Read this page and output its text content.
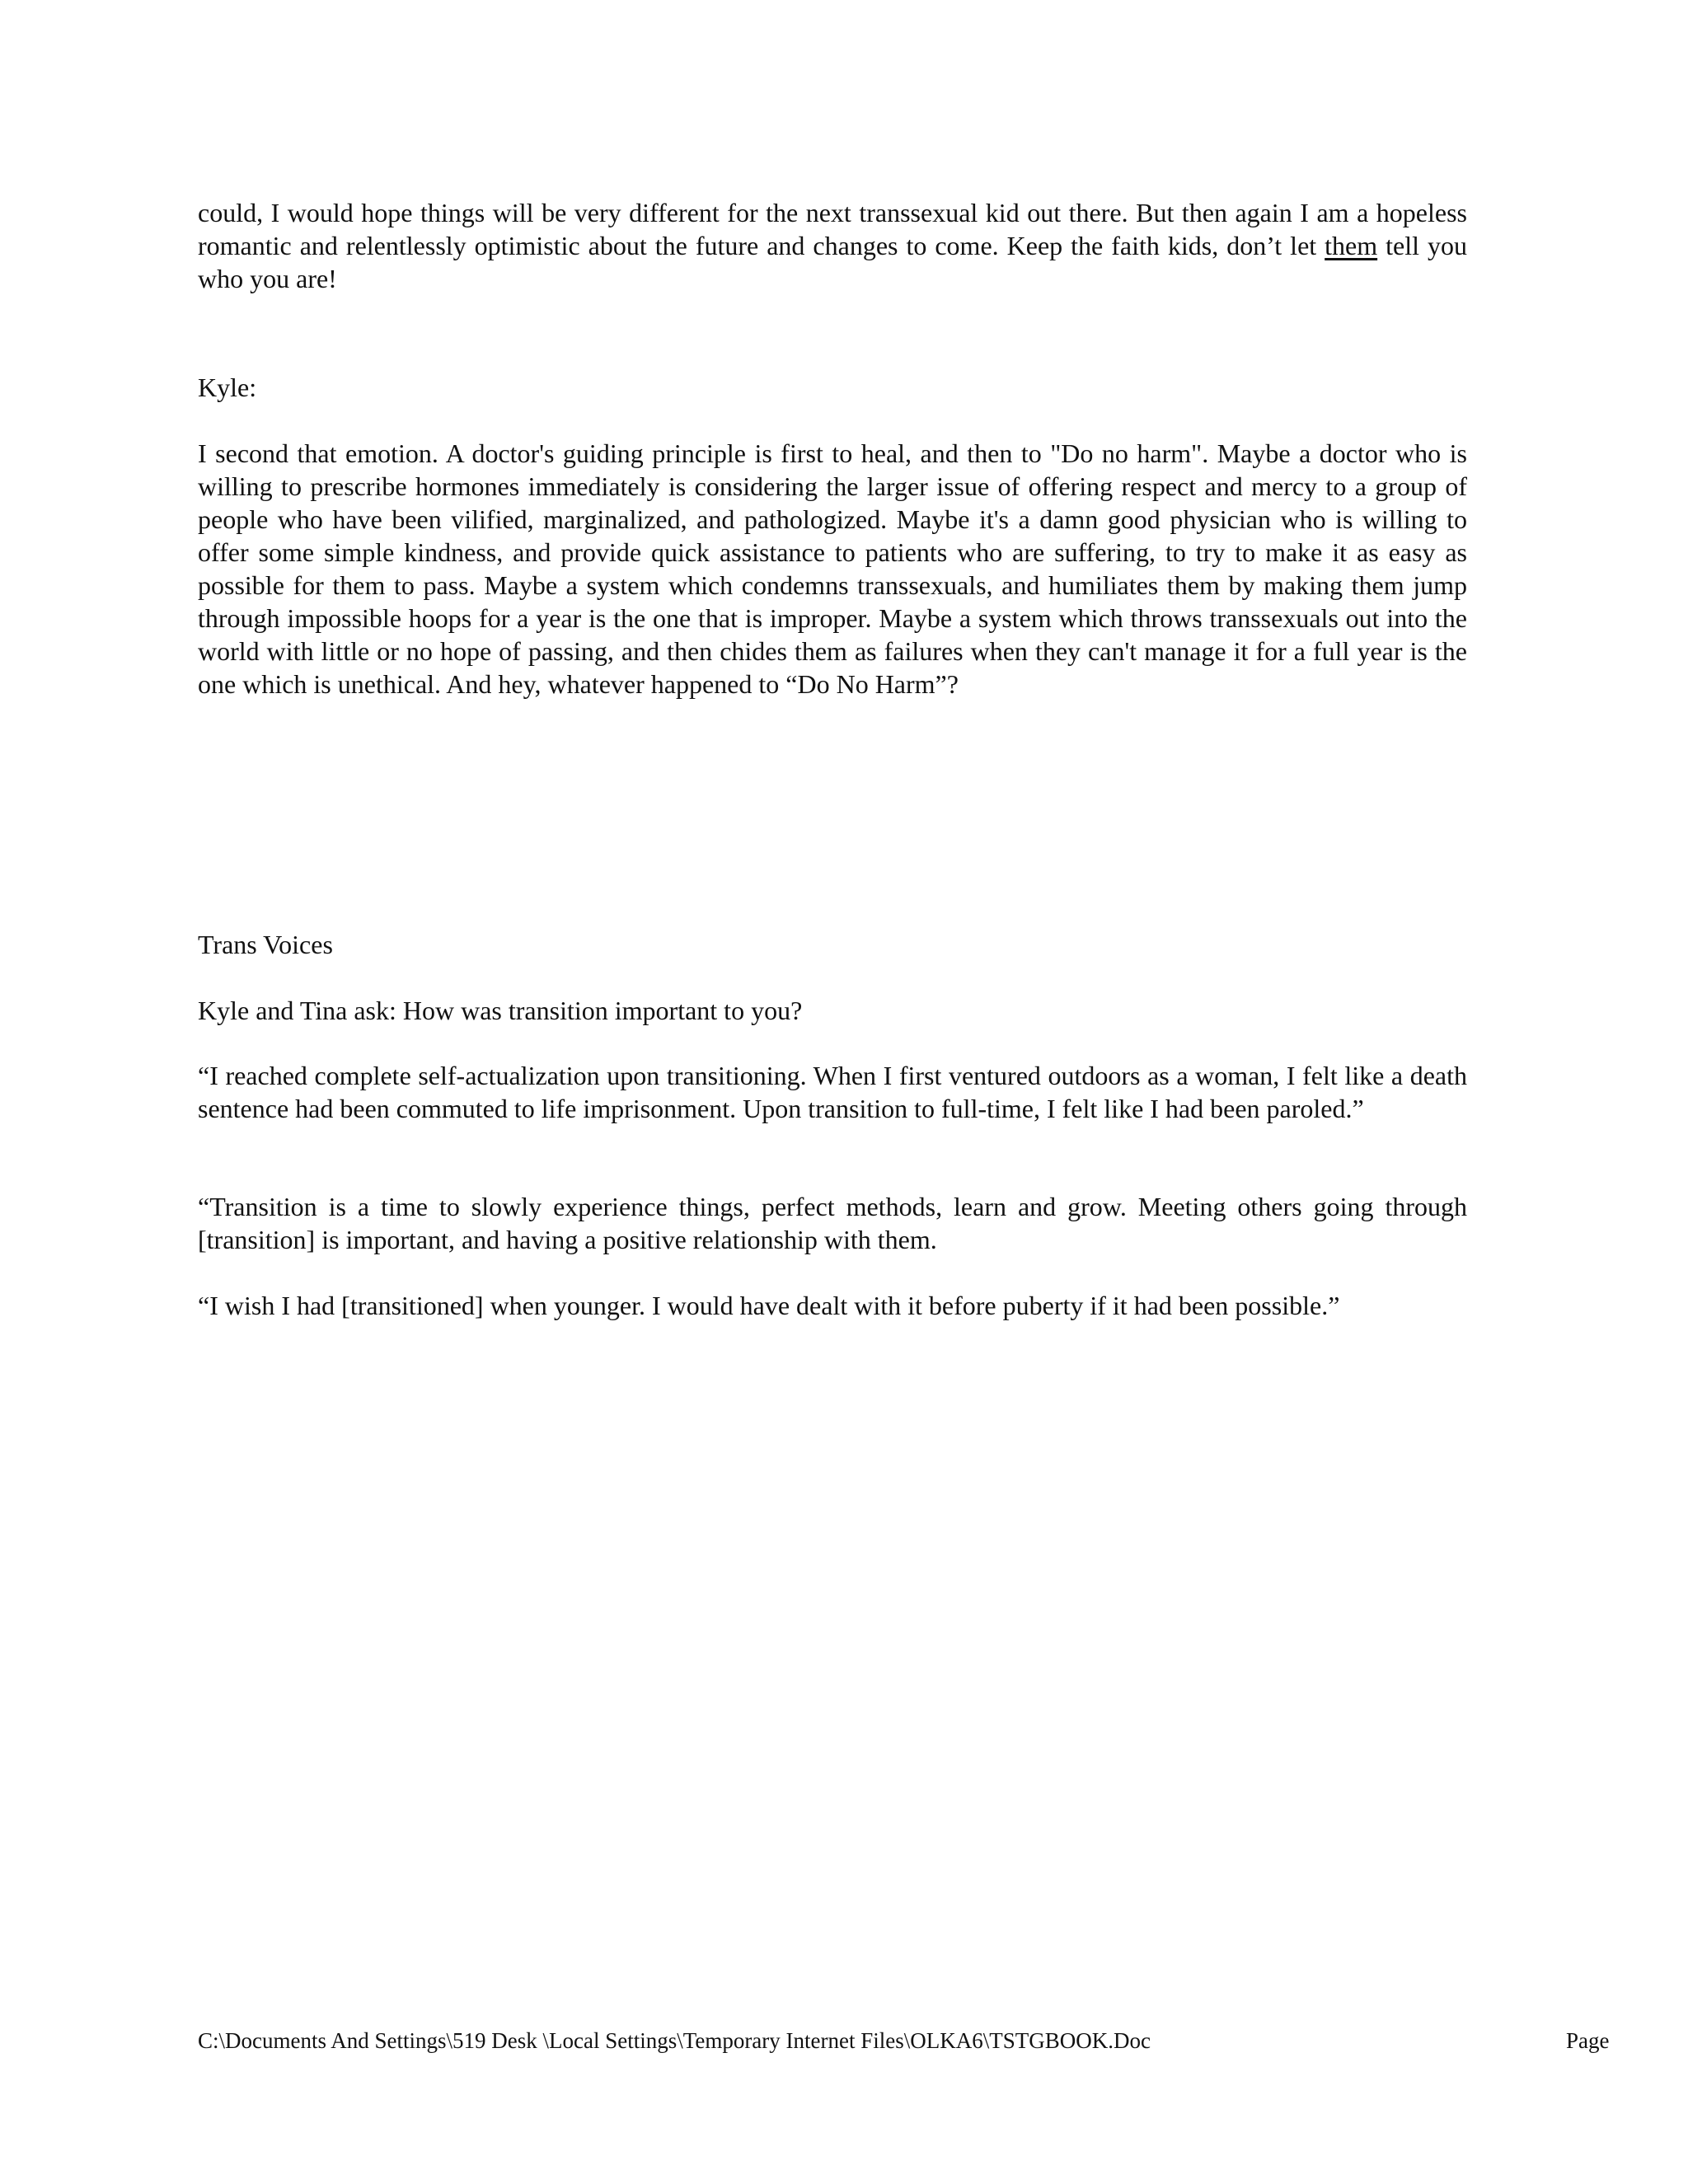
could, I would hope things will be very different for the next transsexual kid out there. But then again I am a hopeless romantic and relentlessly optimistic about the future and changes to come. Keep the faith kids, don’t let them tell you who you are!

Kyle:

I second that emotion. A doctor's guiding principle is first to heal, and then to "Do no harm". Maybe a doctor who is willing to prescribe hormones immediately is considering the larger issue of offering respect and mercy to a group of people who have been vilified, marginalized, and pathologized. Maybe it's a damn good physician who is willing to offer some simple kindness, and provide quick assistance to patients who are suffering, to try to make it as easy as possible for them to pass. Maybe a system which condemns transsexuals, and humiliates them by making them jump through impossible hoops for a year is the one that is improper. Maybe a system which throws transsexuals out into the world with little or no hope of passing, and then chides them as failures when they can't manage it for a full year is the one which is unethical. And hey, whatever happened to “Do No Harm”?

Trans Voices

Kyle and Tina ask: How was transition important to you?

“I reached complete self-actualization upon transitioning. When I first ventured outdoors as a woman, I felt like a death sentence had been commuted to life imprisonment. Upon transition to full-time, I felt like I had been paroled.”

“Transition is a time to slowly experience things, perfect methods, learn and grow. Meeting others going through [transition] is important, and having a positive relationship with them.

“I wish I had [transitioned] when younger. I would have dealt with it before puberty if it had been possible.”

C:\Documents And Settings\519 Desk \Local Settings\Temporary Internet Files\OLKA6\TSTGBOOK.Doc	Page
